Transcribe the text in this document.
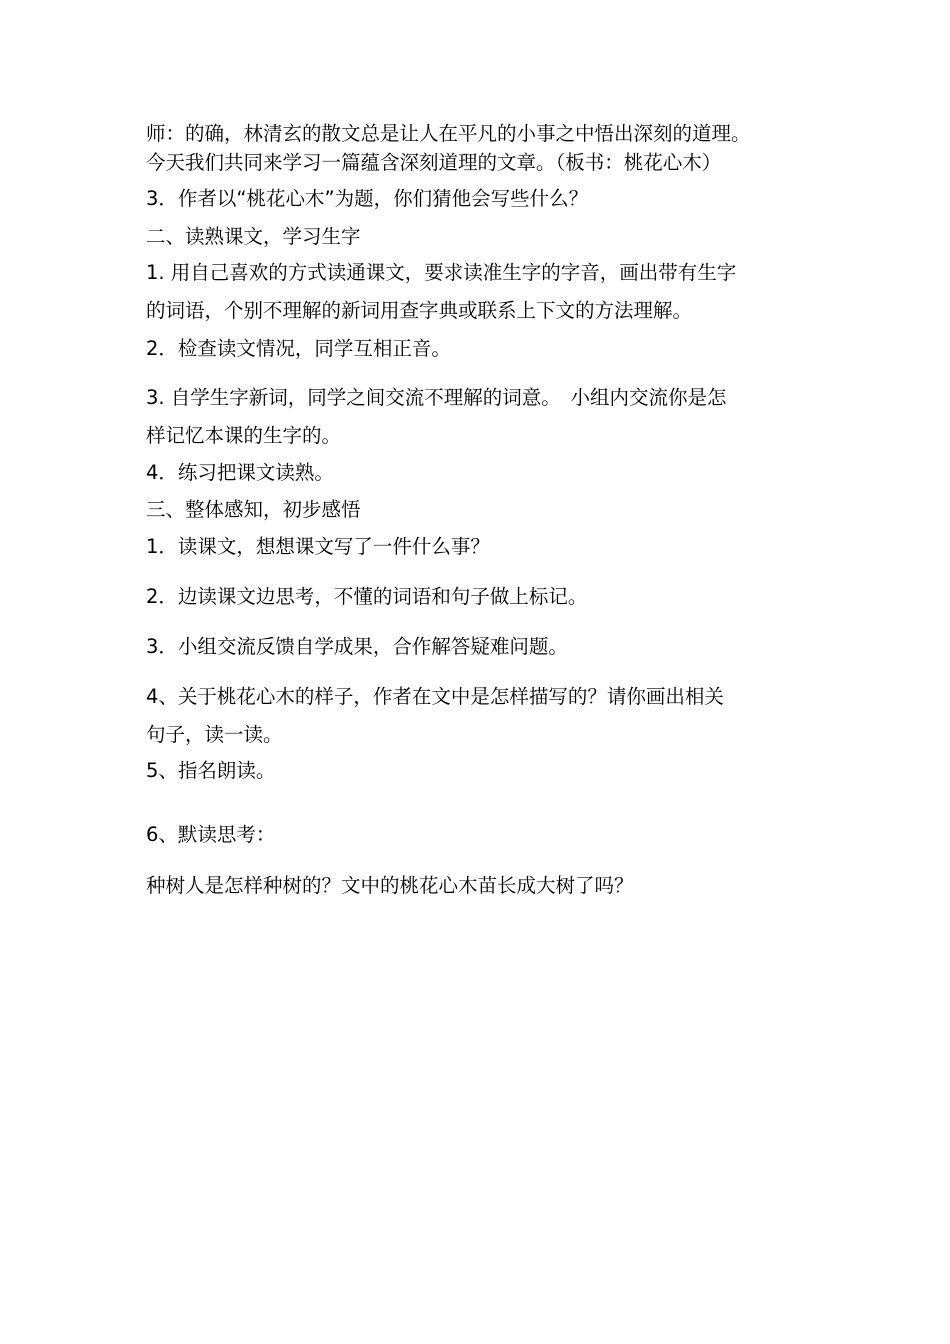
师：的确，林清玄的散文总是让人在平凡的小事之中悟出深刻的道理。
今天我们共同来学习一篇蕴含深刻道理的文章。（板书：桃花心木）
3．作者以“桃花心木”为题，你们猜他会写些什么？
二、读熟课文，学习生字
1. 用自己喜欢的方式读通课文，要求读准生字的字音，画出带有生字
的词语，个别不理解的新词用查字典或联系上下文的方法理解。
2．检查读文情况，同学互相正音。
3. 自学生字新词，同学之间交流不理解的词意。　小组内交流你是怎
样记忆本课的生字的。
4．练习把课文读熟。
三、整体感知，初步感悟
1．读课文，想想课文写了一件什么事？
2．边读课文边思考，不懂的词语和句子做上标记。
3．小组交流反馈自学成果，合作解答疑难问题。
4、关于桃花心木的样子，作者在文中是怎样描写的？请你画出相关
句子，读一读。
5、指名朗读。
6、默读思考：
种树人是怎样种树的？文中的桃花心木苗长成大树了吗？
